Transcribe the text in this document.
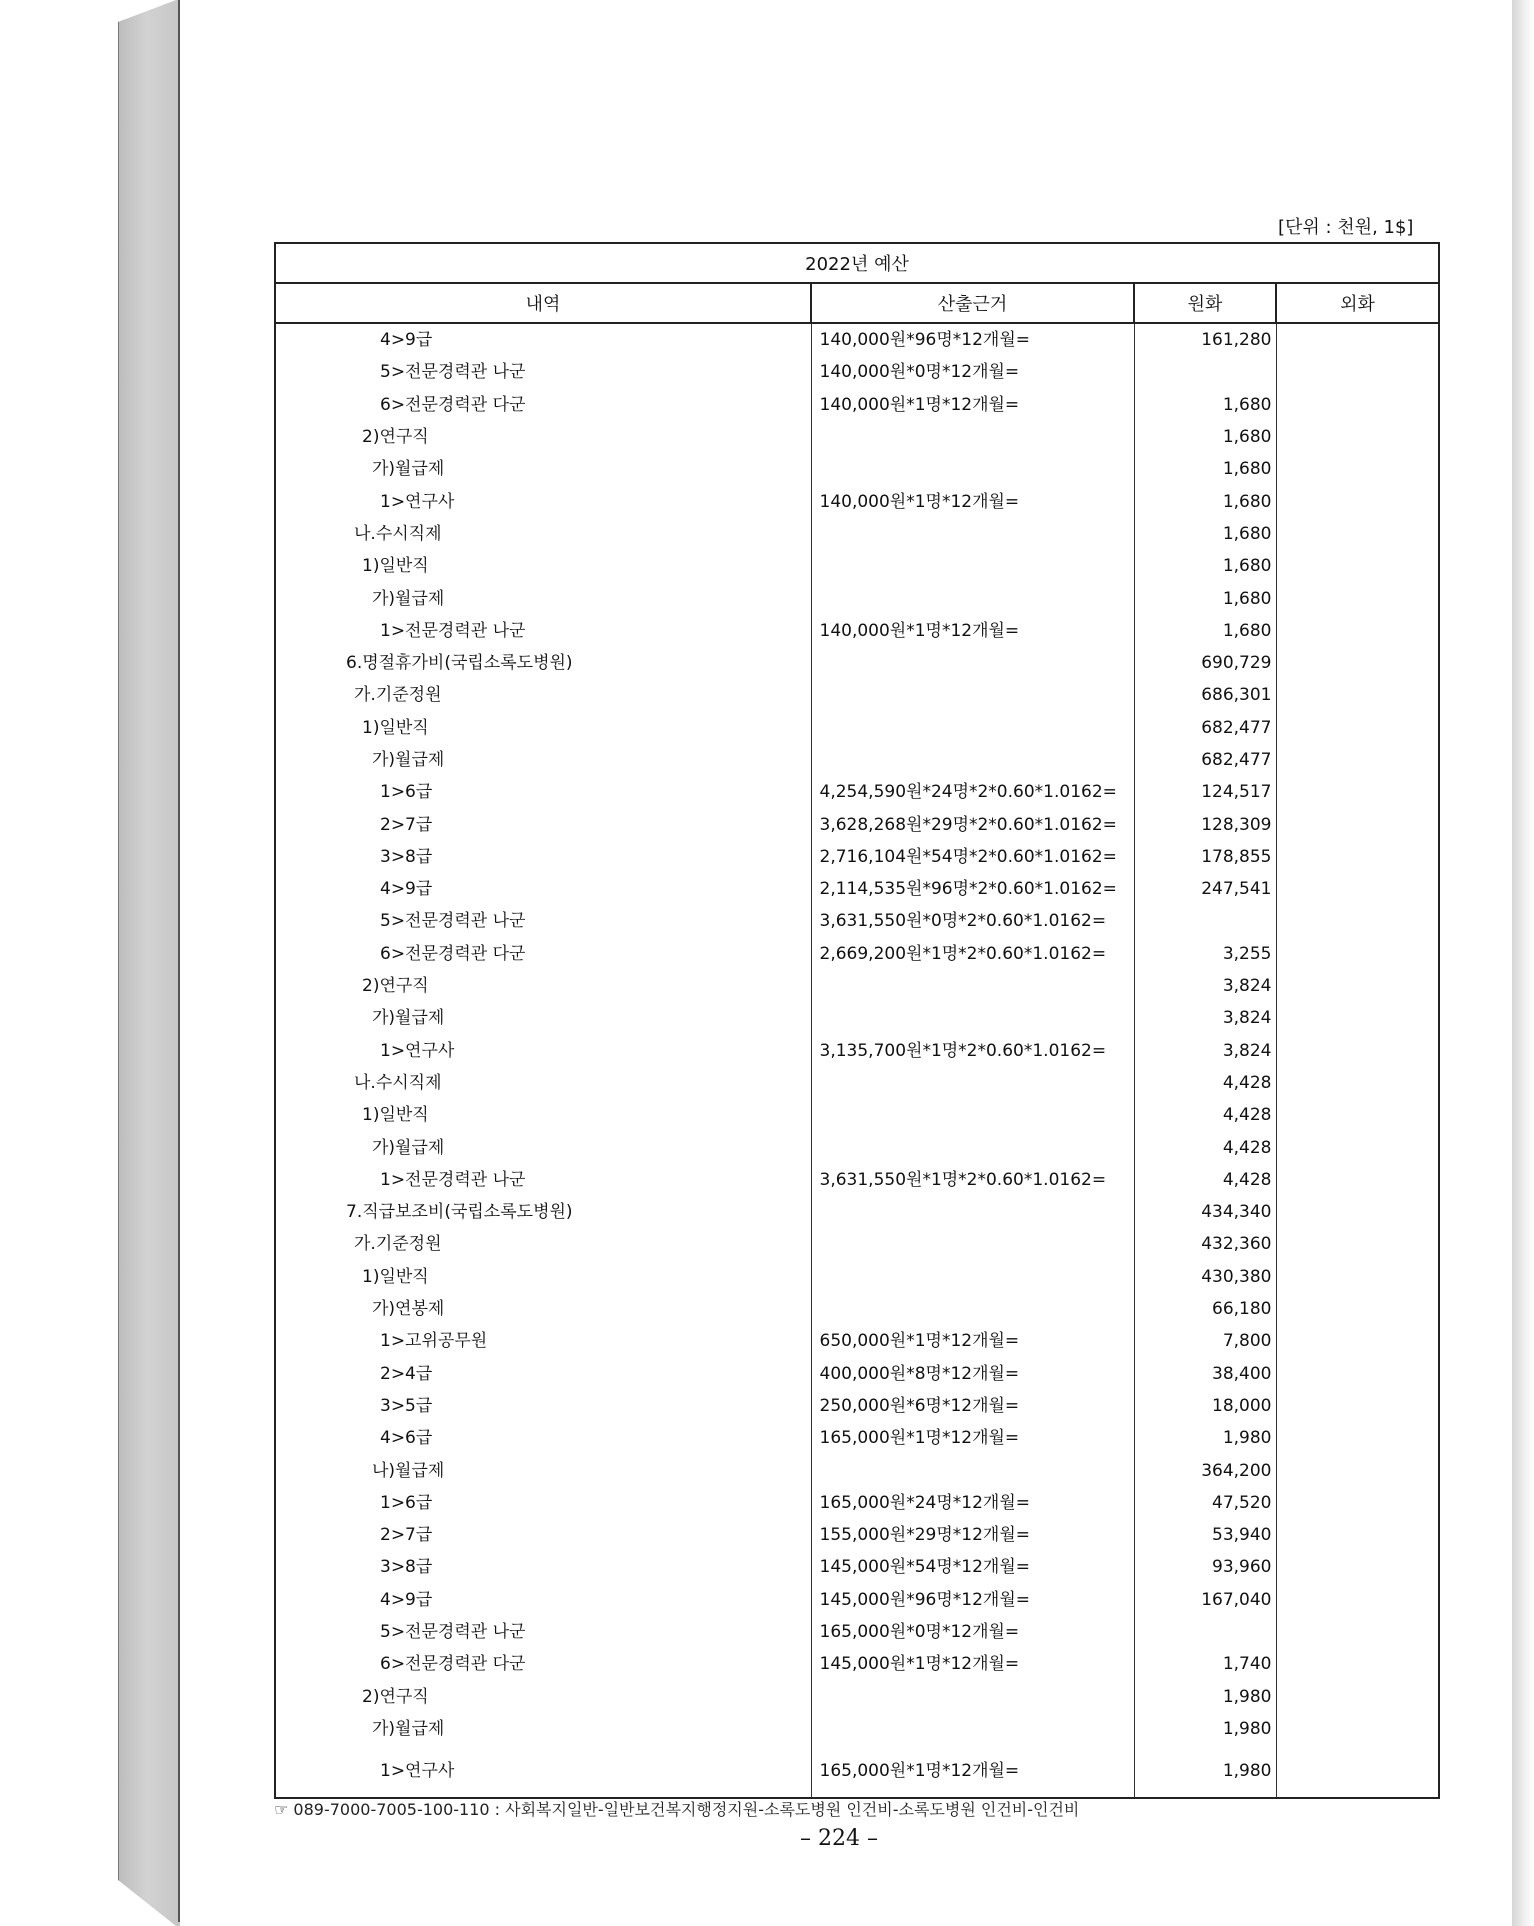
[단위 : 천원, 1$]
2022년 예산			
내역	산출근거	원화	외화
4>9급	140,000원*96명*12개월=	161,280	
5>전문경력관 나군	140,000원*0명*12개월=		
6>전문경력관 다군	140,000원*1명*12개월=	1,680	
2)연구직		1,680	
가)월급제		1,680	
1>연구사	140,000원*1명*12개월=	1,680	
나.수시직제		1,680	
1)일반직		1,680	
가)월급제		1,680	
1>전문경력관 나군	140,000원*1명*12개월=	1,680	
6.명절휴가비(국립소록도병원)		690,729	
가.기준정원		686,301	
1)일반직		682,477	
가)월급제		682,477	
1>6급	4,254,590원*24명*2*0.60*1.0162=	124,517	
2>7급	3,628,268원*29명*2*0.60*1.0162=	128,309	
3>8급	2,716,104원*54명*2*0.60*1.0162=	178,855	
4>9급	2,114,535원*96명*2*0.60*1.0162=	247,541	
5>전문경력관 나군	3,631,550원*0명*2*0.60*1.0162=		
6>전문경력관 다군	2,669,200원*1명*2*0.60*1.0162=	3,255	
2)연구직		3,824	
가)월급제		3,824	
1>연구사	3,135,700원*1명*2*0.60*1.0162=	3,824	
나.수시직제		4,428	
1)일반직		4,428	
가)월급제		4,428	
1>전문경력관 나군	3,631,550원*1명*2*0.60*1.0162=	4,428	
7.직급보조비(국립소록도병원)		434,340	
가.기준정원		432,360	
1)일반직		430,380	
가)연봉제		66,180	
1>고위공무원	650,000원*1명*12개월=	7,800	
2>4급	400,000원*8명*12개월=	38,400	
3>5급	250,000원*6명*12개월=	18,000	
4>6급	165,000원*1명*12개월=	1,980	
나)월급제		364,200	
1>6급	165,000원*24명*12개월=	47,520	
2>7급	155,000원*29명*12개월=	53,940	
3>8급	145,000원*54명*12개월=	93,960	
4>9급	145,000원*96명*12개월=	167,040	
5>전문경력관 나군	165,000원*0명*12개월=		
6>전문경력관 다군	145,000원*1명*12개월=	1,740	
2)연구직		1,980	
가)월급제		1,980	
1>연구사	165,000원*1명*12개월=	1,980	
☞ 089-7000-7005-100-110 : 사회복지일반-일반보건복지행정지원-소록도병원 인건비-소록도병원 인건비-인건비
– 224 –
